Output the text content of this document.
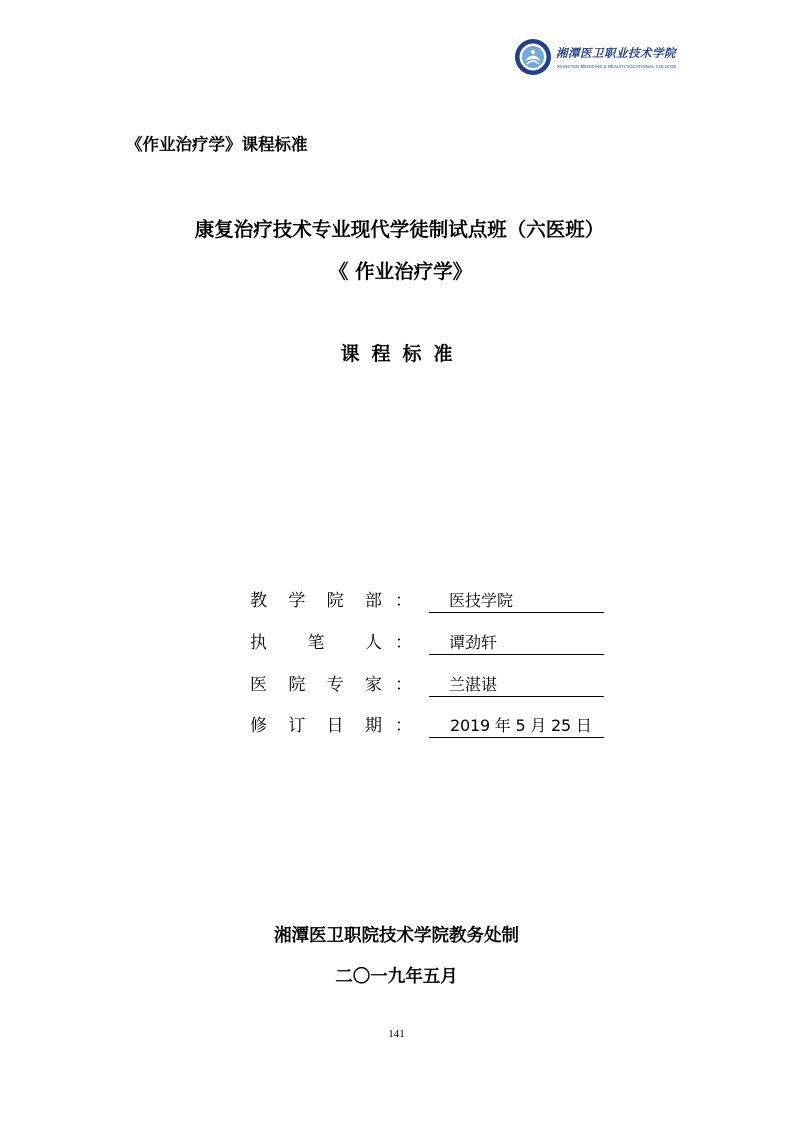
湘潭医卫职业技术学院
XIANGTAN MEDICINE & HEALTH VOCATIONAL COLLEGE
《作业治疗学》课程标准
康复治疗技术专业现代学徒制试点班（六医班）
《 作业治疗学》
课程标准
教 学 院 部 ：	医技学院
执 笔 人 ：	谭劲轩
医 院 专 家 ：	兰湛谌
修 订 日 期 ：	2019 年 5 月 25 日
湘潭医卫职院技术学院教务处制
二〇一九年五月
141
